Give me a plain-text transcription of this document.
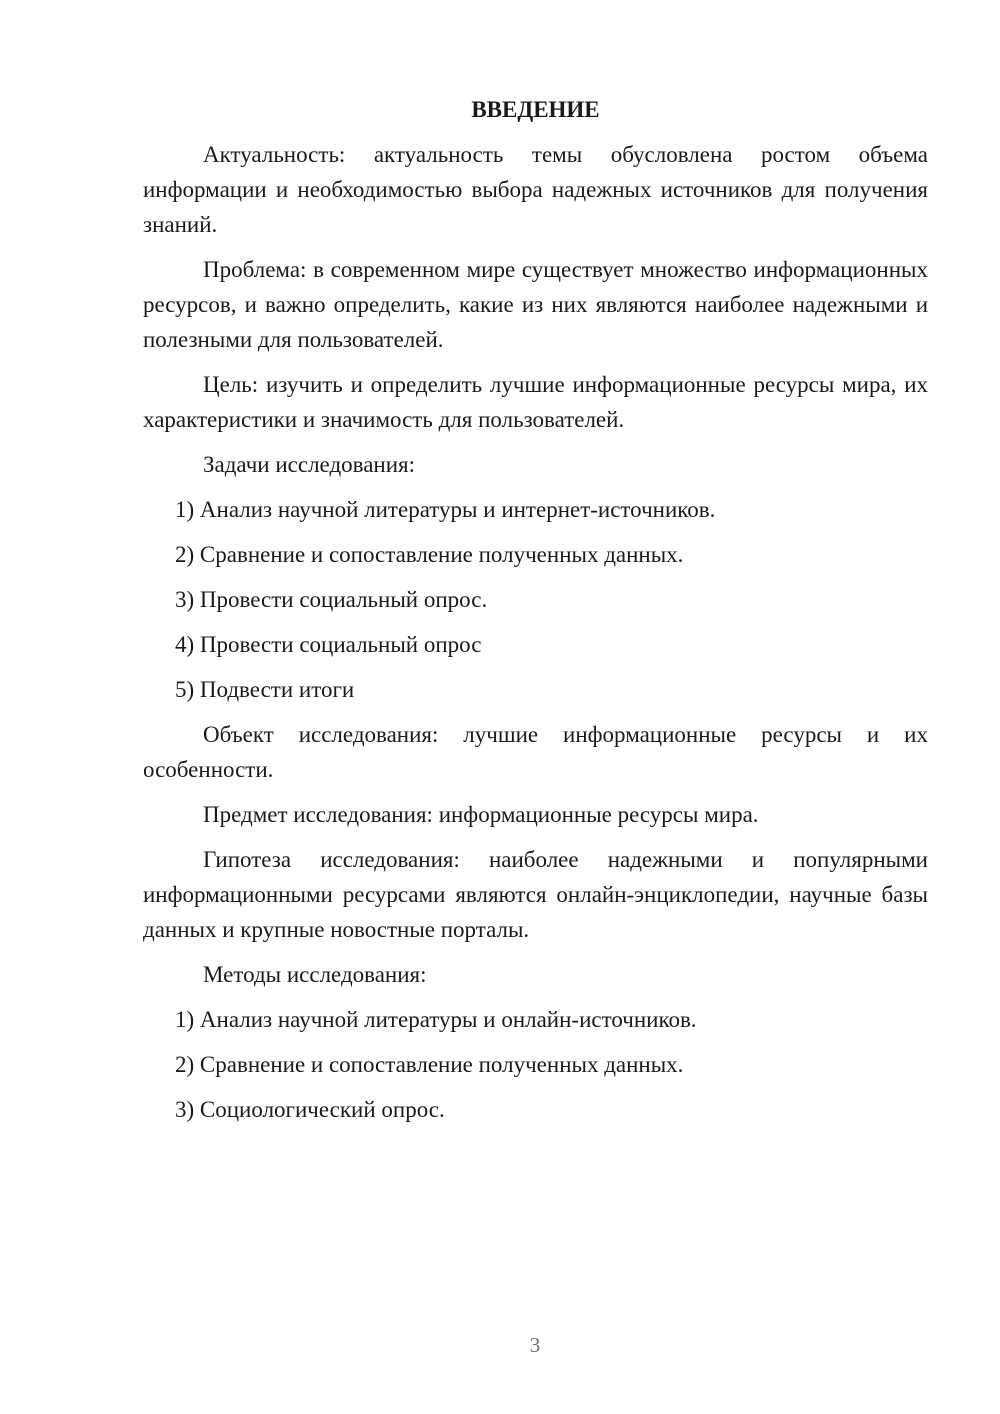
ВВЕДЕНИЕ

Актуальность: актуальность темы обусловлена ростом объема информации и необходимостью выбора надежных источников для получения знаний.

Проблема: в современном мире существует множество информационных ресурсов, и важно определить, какие из них являются наиболее надежными и полезными для пользователей.

Цель: изучить и определить лучшие информационные ресурсы мира, их характеристики и значимость для пользователей.

Задачи исследования:

1) Анализ научной литературы и интернет-источников.

2) Сравнение и сопоставление полученных данных.

3) Провести социальный опрос.

4) Провести социальный опрос

5) Подвести итоги

Объект исследования: лучшие информационные ресурсы и их особенности.

Предмет исследования: информационные ресурсы мира.

Гипотеза исследования: наиболее надежными и популярными информационными ресурсами являются онлайн-энциклопедии, научные базы данных и крупные новостные порталы.

Методы исследования:

1) Анализ научной литературы и онлайн-источников.

2) Сравнение и сопоставление полученных данных.

3) Социологический опрос.

3
